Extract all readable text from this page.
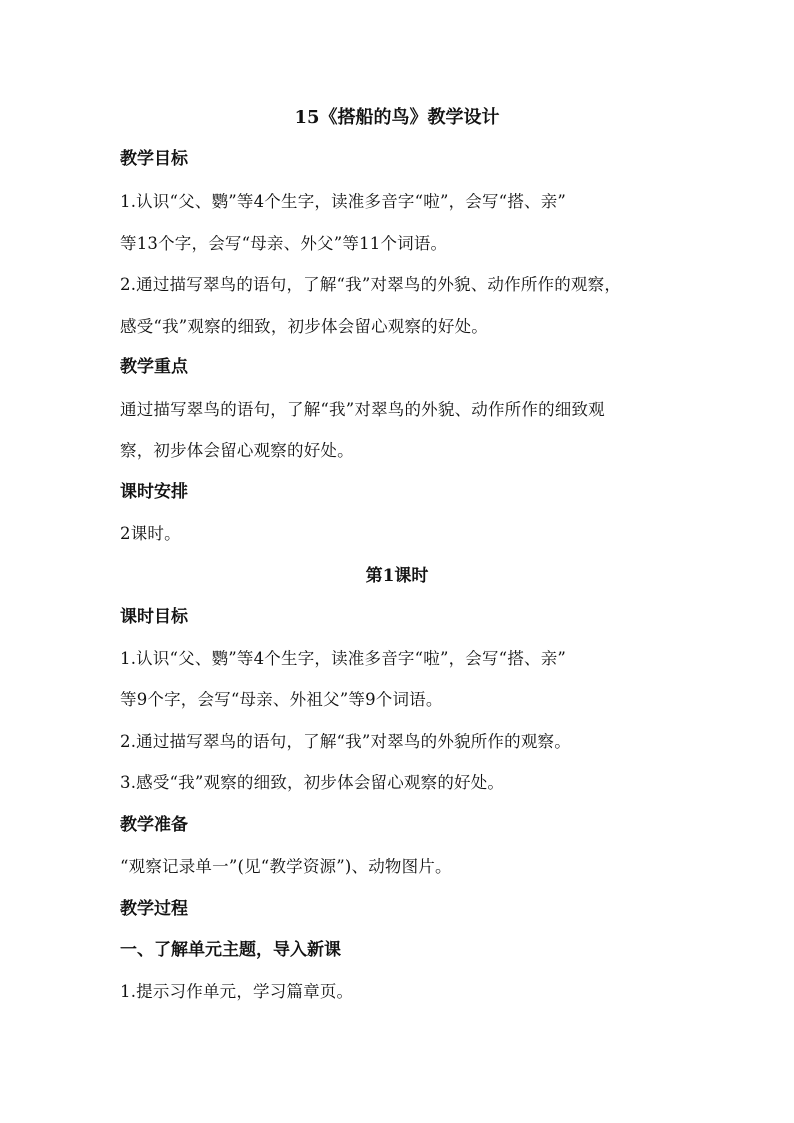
15《搭船的鸟》教学设计
教学目标
1.认识“父、鹦”等4个生字，读准多音字“啦”，会写“搭、亲”
等13个字，会写“母亲、外父”等11个词语。
2.通过描写翠鸟的语句，了解“我”对翠鸟的外貌、动作所作的观察，
感受“我”观察的细致，初步体会留心观察的好处。
教学重点
通过描写翠鸟的语句，了解“我”对翠鸟的外貌、动作所作的细致观
察，初步体会留心观察的好处。
课时安排
2课时。
第1课时
课时目标
1.认识“父、鹦”等4个生字，读准多音字“啦”，会写“搭、亲”
等9个字，会写“母亲、外祖父”等9个词语。
2.通过描写翠鸟的语句，了解“我”对翠鸟的外貌所作的观察。
3.感受“我”观察的细致，初步体会留心观察的好处。
教学准备
“观察记录单一”(见“教学资源”)、动物图片。
教学过程
一、了解单元主题，导入新课
1.提示习作单元，学习篇章页。
